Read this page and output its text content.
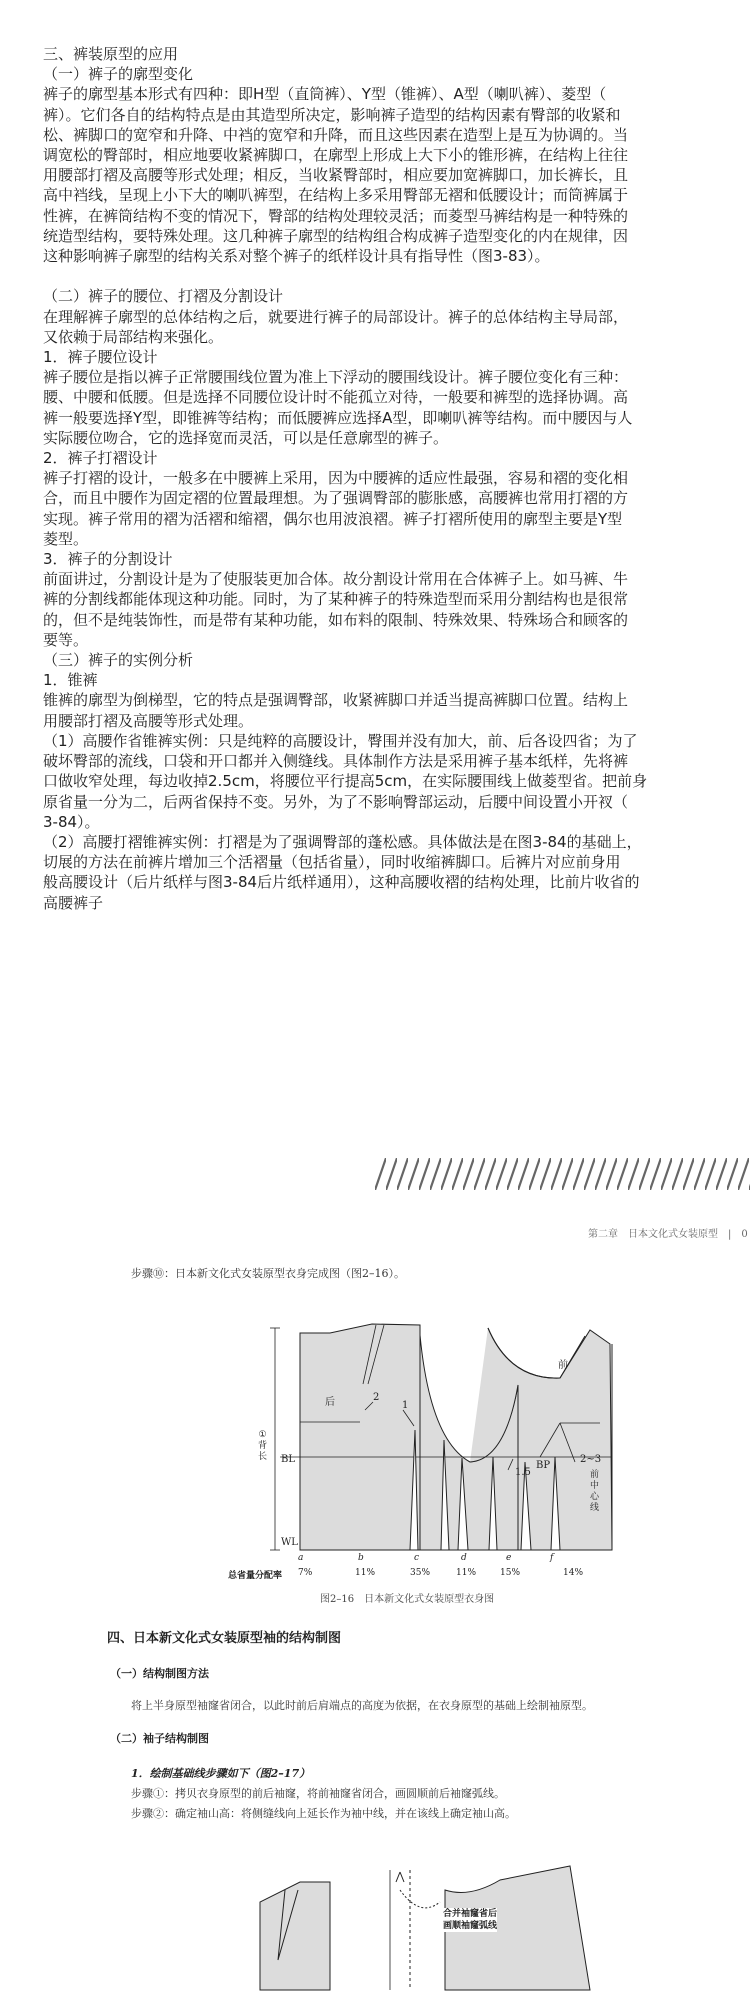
三、裤装原型的应用

（一）裤子的廓型变化

裤子的廓型基本形式有四种：即H型（直筒裤）、Y型（锥裤）、A型（喇叭裤）、菱型（

裤）。它们各自的结构特点是由其造型所决定，影响裤子造型的结构因素有臀部的收紧和

松、裤脚口的宽窄和升降、中裆的宽窄和升降，而且这些因素在造型上是互为协调的。当

调宽松的臀部时，相应地要收紧裤脚口，在廓型上形成上大下小的锥形裤，在结构上往往

用腰部打褶及高腰等形式处理；相反，当收紧臀部时，相应要加宽裤脚口，加长裤长，且

高中裆线，呈现上小下大的喇叭裤型，在结构上多采用臀部无褶和低腰设计；而筒裤属于

性裤，在裤筒结构不变的情况下，臀部的结构处理较灵活；而菱型马裤结构是一种特殊的

统造型结构，要特殊处理。这几种裤子廓型的结构组合构成裤子造型变化的内在规律，因

这种影响裤子廓型的结构关系对整个裤子的纸样设计具有指导性（图3-83）。

（二）裤子的腰位、打褶及分割设计

在理解裤子廓型的总体结构之后，就要进行裤子的局部设计。裤子的总体结构主导局部，

又依赖于局部结构来强化。

1．裤子腰位设计

裤子腰位是指以裤子正常腰围线位置为准上下浮动的腰围线设计。裤子腰位变化有三种：

腰、中腰和低腰。但是选择不同腰位设计时不能孤立对待，一般要和裤型的选择协调。高

裤一般要选择Y型，即锥裤等结构；而低腰裤应选择A型，即喇叭裤等结构。而中腰因与人

实际腰位吻合，它的选择宽而灵活，可以是任意廓型的裤子。

2．裤子打褶设计

裤子打褶的设计，一般多在中腰裤上采用，因为中腰裤的适应性最强，容易和褶的变化相

合，而且中腰作为固定褶的位置最理想。为了强调臀部的膨胀感，高腰裤也常用打褶的方

实现。裤子常用的褶为活褶和缩褶，偶尔也用波浪褶。裤子打褶所使用的廓型主要是Y型

菱型。

3．裤子的分割设计

前面讲过，分割设计是为了使服装更加合体。故分割设计常用在合体裤子上。如马裤、牛

裤的分割线都能体现这种功能。同时，为了某种裤子的特殊造型而采用分割结构也是很常

的，但不是纯装饰性，而是带有某种功能，如布料的限制、特殊效果、特殊场合和顾客的

要等。

（三）裤子的实例分析

1．锥裤

锥裤的廓型为倒梯型，它的特点是强调臀部，收紧裤脚口并适当提高裤脚口位置。结构上

用腰部打褶及高腰等形式处理。

（1）高腰作省锥裤实例：只是纯粹的高腰设计，臀围并没有加大，前、后各设四省；为了

破坏臀部的流线，口袋和开口都并入侧缝线。具体制作方法是采用裤子基本纸样，先将裤

口做收窄处理，每边收掉2.5cm，将腰位平行提高5cm，在实际腰围线上做菱型省。把前身

原省量一分为二，后两省保持不变。另外，为了不影响臀部运动，后腰中间设置小开衩（

3-84）。

（2）高腰打褶锥裤实例：打褶是为了强调臀部的蓬松感。具体做法是在图3-84的基础上，

切展的方法在前裤片增加三个活褶量（包括省量），同时收缩裤脚口。后裤片对应前身用

般高腰设计（后片纸样与图3-84后片纸样通用），这种高腰收褶的结构处理，比前片收省的

高腰裤子

第二章　日本文化式女装原型　|　0
步骤⑩：日本新文化式女装原型衣身完成图（图2–16）。
后
前
BL
WL
BP
1
2
1.5
2~3
①
背
长
前
中
心
线
a	b	c	d	e	f
总省量分配率 7%	11%	35%	11%	15%	14%
图2–16　日本新文化式女装原型衣身图
四、日本新文化式女装原型袖的结构制图
（一）结构制图方法
将上半身原型袖窿省闭合，以此时前后肩端点的高度为依据，在衣身原型的基础上绘制袖原型。
（二）袖子结构制图
1．绘制基础线步骤如下（图2–17）
步骤①：拷贝衣身原型的前后袖窿，将前袖窿省闭合，画圆顺前后袖窿弧线。
步骤②：确定袖山高：将侧缝线向上延长作为袖中线，并在该线上确定袖山高。
合并袖窿省后
画顺袖窿弧线
